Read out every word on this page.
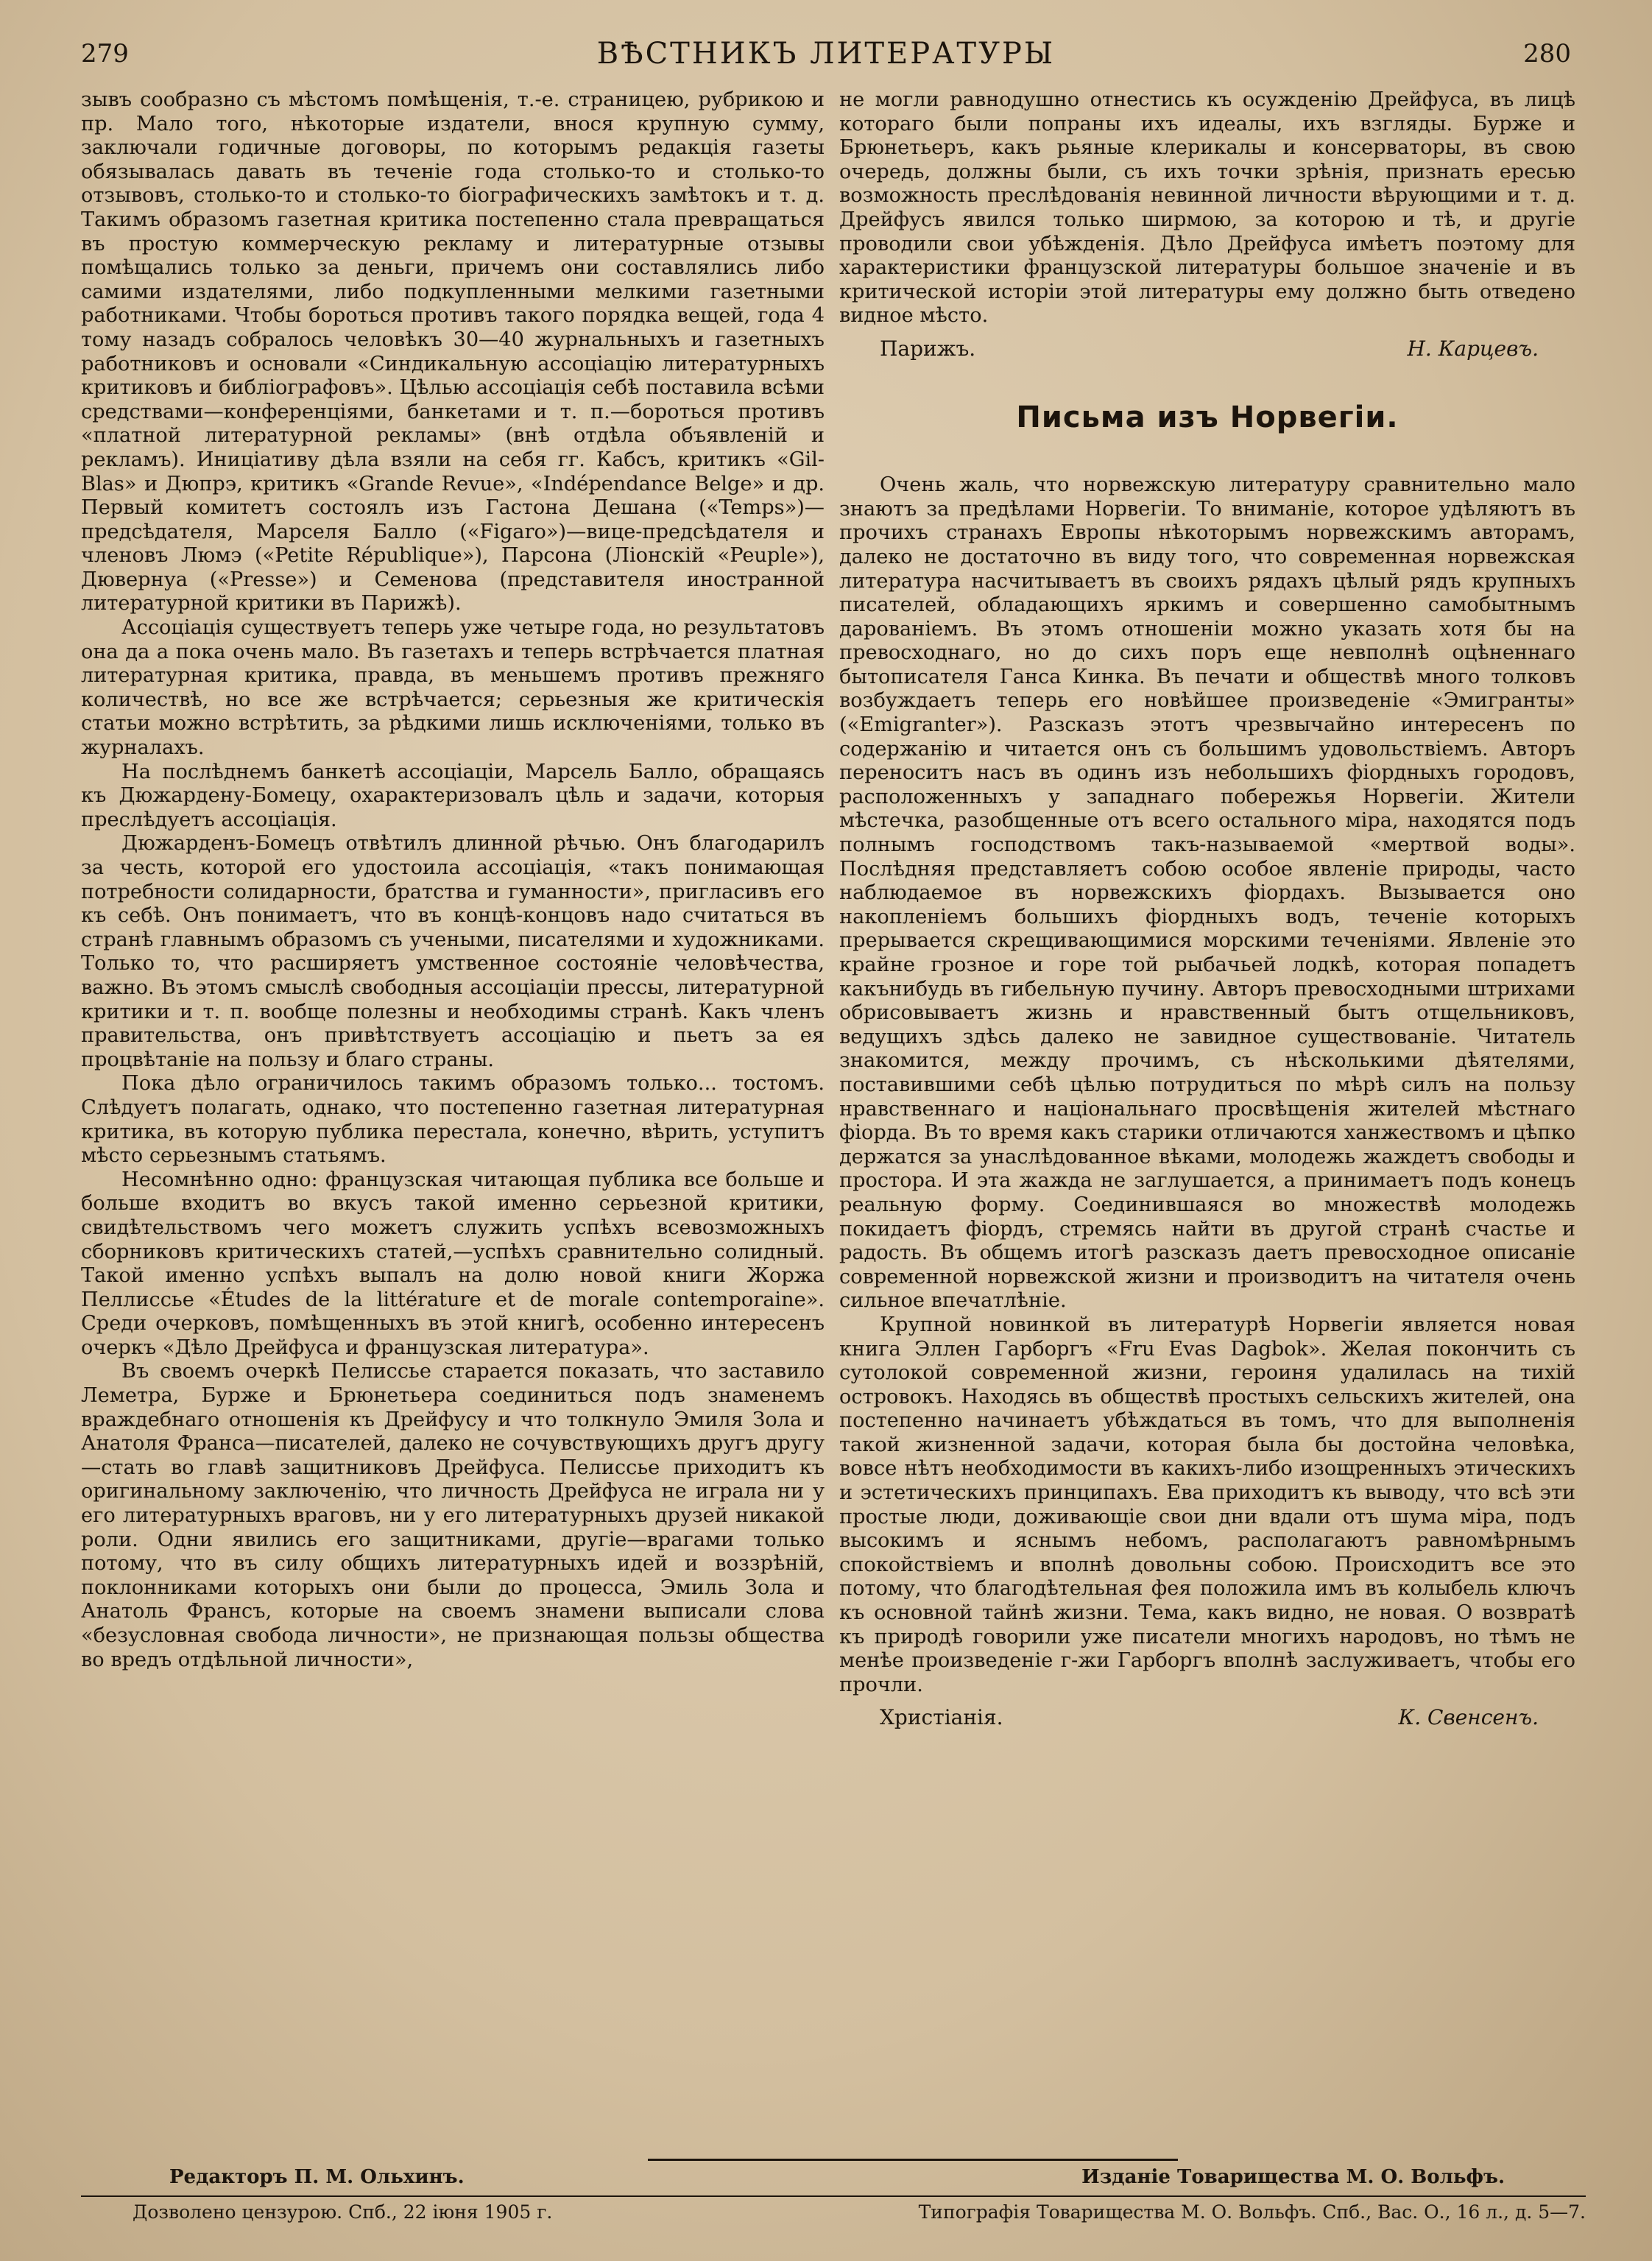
279	ВѢСТНИКЪ ЛИТЕРАТУРЫ	280

зывъ сообразно съ мѣстомъ помѣщенія, т.-е. страницею, рубрикою и пр. Мало того, нѣкоторые издатели, внося крупную сумму, заключали годичные договоры, по которымъ редакція газеты обязывалась давать въ теченіе года столько-то и столько-то отзывовъ, столько-то и столько-то біографическихъ замѣтокъ и т. д. Такимъ образомъ газетная критика постепенно стала превращаться въ простую коммерческую рекламу и литературные отзывы помѣщались только за деньги, причемъ они составлялись либо самими издателями, либо подкупленными мелкими газетными работниками. Чтобы бороться противъ такого порядка вещей, года 4 тому назадъ собралось человѣкъ 30—40 журнальныхъ и газетныхъ работниковъ и основали «Синдикальную ассоціацію литературныхъ критиковъ и библіографовъ». Цѣлью ассоціація себѣ поставила всѣми средствами—конференціями, банкетами и т. п.—бороться противъ «платной литературной рекламы» (внѣ отдѣла объявленій и рекламъ). Иниціативу дѣла взяли на себя гг. Кабсъ, критикъ «Gil-Blas» и Дюпрэ, критикъ «Grande Revue», «Indépendance Belge» и др. Первый комитетъ состоялъ изъ Гастона Дешана («Temps»)—предсѣдателя, Марселя Балло («Figaro»)—вице-предсѣдателя и членовъ Люмэ («Petite République»), Парсона (Ліонскій «Peuple»), Дювернуа («Presse») и Семенова (представителя иностранной литературной критики въ Парижѣ).

Ассоціація существуетъ теперь уже четыре года, но результатовъ она да а пока очень мало. Въ газетахъ и теперь встрѣчается платная литературная критика, правда, въ меньшемъ противъ прежняго количествѣ, но все же встрѣчается; серьезныя же критическія статьи можно встрѣтить, за рѣдкими лишь исключеніями, только въ журналахъ.

На послѣднемъ банкетѣ ассоціаціи, Марсель Балло, обращаясь къ Дюжардену-Бомецу, охарактеризовалъ цѣль и задачи, которыя преслѣдуетъ ассоціація.

Дюжарденъ-Бомецъ отвѣтилъ длинной рѣчью. Онъ благодарилъ за честь, которой его удостоила ассоціація, «такъ понимающая потребности солидарности, братства и гуманности», пригласивъ его къ себѣ. Онъ понимаетъ, что въ концѣ-концовъ надо считаться въ странѣ главнымъ образомъ съ учеными, писателями и художниками. Только то, что расширяетъ умственное состояніе человѣчества, важно. Въ этомъ смыслѣ свободныя ассоціаціи прессы, литературной критики и т. п. вообще полезны и необходимы странѣ. Какъ членъ правительства, онъ привѣтствуетъ ассоціацію и пьетъ за ея процвѣтаніе на пользу и благо страны.

Пока дѣло ограничилось такимъ образомъ только... тостомъ. Слѣдуетъ полагать, однако, что постепенно газетная литературная критика, въ которую публика перестала, конечно, вѣрить, уступитъ мѣсто серьезнымъ статьямъ.

Несомнѣнно одно: французская читающая публика все больше и больше входитъ во вкусъ такой именно серьезной критики, свидѣтельствомъ чего можетъ служить успѣхъ всевозможныхъ сборниковъ критическихъ статей,—успѣхъ сравнительно солидный. Такой именно успѣхъ выпалъ на долю новой книги Жоржа Пеллиссье «Études de la littérature et de morale contemporaine». Среди очерковъ, помѣщенныхъ въ этой книгѣ, особенно интересенъ очеркъ «Дѣло Дрейфуса и французская литература».

Въ своемъ очеркѣ Пелиссье старается показать, что заставило Леметра, Бурже и Брюнетьера соединиться подъ знаменемъ враждебнаго отношенія къ Дрейфусу и что толкнуло Эмиля Зола и Анатоля Франса—писателей, далеко не сочувствующихъ другъ другу—стать во главѣ защитниковъ Дрейфуса. Пелиссье приходитъ къ оригинальному заключенію, что личность Дрейфуса не играла ни у его литературныхъ враговъ, ни у его литературныхъ друзей никакой роли. Одни явились его защитниками, другіе—врагами только потому, что въ силу общихъ литературныхъ идей и воззрѣній, поклонниками которыхъ они были до процесса, Эмиль Зола и Анатоль Франсъ, которые на своемъ знамени выписали слова «безусловная свобода личности», не признающая пользы общества во вредъ отдѣльной личности»,

не могли равнодушно отнестись къ осужденію Дрейфуса, въ лицѣ котораго были попраны ихъ идеалы, ихъ взгляды. Бурже и Брюнетьеръ, какъ рьяные клерикалы и консерваторы, въ свою очередь, должны были, съ ихъ точки зрѣнія, признать ересью возможность преслѣдованія невинной личности вѣрующими и т. д. Дрейфусъ явился только ширмою, за которою и тѣ, и другіе проводили свои убѣжденія. Дѣло Дрейфуса имѣетъ поэтому для характеристики французской литературы большое значеніе и въ критической исторіи этой литературы ему должно быть отведено видное мѣсто.

Парижъ.	Н. Карцевъ.
Письма изъ Норвегіи.

Очень жаль, что норвежскую литературу сравнительно мало знаютъ за предѣлами Норвегіи. То вниманіе, которое удѣляютъ въ прочихъ странахъ Европы нѣкоторымъ норвежскимъ авторамъ, далеко не достаточно въ виду того, что современная норвежская литература насчитываетъ въ своихъ рядахъ цѣлый рядъ крупныхъ писателей, обладающихъ яркимъ и совершенно самобытнымъ дарованіемъ. Въ этомъ отношеніи можно указать хотя бы на превосходнаго, но до сихъ поръ еще невполнѣ оцѣненнаго бытописателя Ганса Кинка. Въ печати и обществѣ много толковъ возбуждаетъ теперь его новѣйшее произведеніе «Эмигранты» («Emigranter»). Разсказъ этотъ чрезвычайно интересенъ по содержанію и читается онъ съ большимъ удовольствіемъ. Авторъ переноситъ насъ въ одинъ изъ небольшихъ фіордныхъ городовъ, расположенныхъ у западнаго побережья Норвегіи. Жители мѣстечка, разобщенные отъ всего остального міра, находятся подъ полнымъ господствомъ такъ-называемой «мертвой воды». Послѣдняя представляетъ собою особое явленіе природы, часто наблюдаемое въ норвежскихъ фіордахъ. Вызывается оно накопленіемъ большихъ фіордныхъ водъ, теченіе которыхъ прерывается скрещивающимися морскими теченіями. Явленіе это крайне грозное и горе той рыбачьей лодкѣ, которая попадетъ какънибудь въ гибельную пучину. Авторъ превосходными штрихами обрисовываетъ жизнь и нравственный бытъ отщельниковъ, ведущихъ здѣсь далеко не завидное существованіе. Читатель знакомится, между прочимъ, съ нѣсколькими дѣятелями, поставившими себѣ цѣлью потрудиться по мѣрѣ силъ на пользу нравственнаго и національнаго просвѣщенія жителей мѣстнаго фіорда. Въ то время какъ старики отличаются ханжествомъ и цѣпко держатся за унаслѣдованное вѣками, молодежь жаждетъ свободы и простора. И эта жажда не заглушается, а принимаетъ подъ конецъ реальную форму. Соединившаяся во множествѣ молодежь покидаетъ фіордъ, стремясь найти въ другой странѣ счастье и радость. Въ общемъ итогѣ разсказъ даетъ превосходное описаніе современной норвежской жизни и производитъ на читателя очень сильное впечатлѣніе.

Крупной новинкой въ литературѣ Норвегіи является новая книга Эллен Гарборгъ «Fru Evas Dagbok». Желая покончить съ сутолокой современной жизни, героиня удалилась на тихій островокъ. Находясь въ обществѣ простыхъ сельскихъ жителей, она постепенно начинаетъ убѣждаться въ томъ, что для выполненія такой жизненной задачи, которая была бы достойна человѣка, вовсе нѣтъ необходимости въ какихъ-либо изощренныхъ этическихъ и эстетическихъ принципахъ. Ева приходитъ къ выводу, что всѣ эти простые люди, доживающіе свои дни вдали отъ шума міра, подъ высокимъ и яснымъ небомъ, располагаютъ равномѣрнымъ спокойствіемъ и вполнѣ довольны собою. Происходитъ все это потому, что благодѣтельная фея положила имъ въ колыбель ключъ къ основной тайнѣ жизни. Тема, какъ видно, не новая. О возвратѣ къ природѣ говорили уже писатели многихъ народовъ, но тѣмъ не менѣе произведеніе г-жи Гарборгъ вполнѣ заслуживаетъ, чтобы его прочли.

Христіанія.	К. Свенсенъ.
Редакторъ П. М. Ольхинъ.	Изданіе Товарищества М. О. Вольфъ.
Дозволено цензурою. Спб., 22 іюня 1905 г.	Типографія Товарищества М. О. Вольфъ. Спб., Вас. О., 16 л., д. 5—7.
